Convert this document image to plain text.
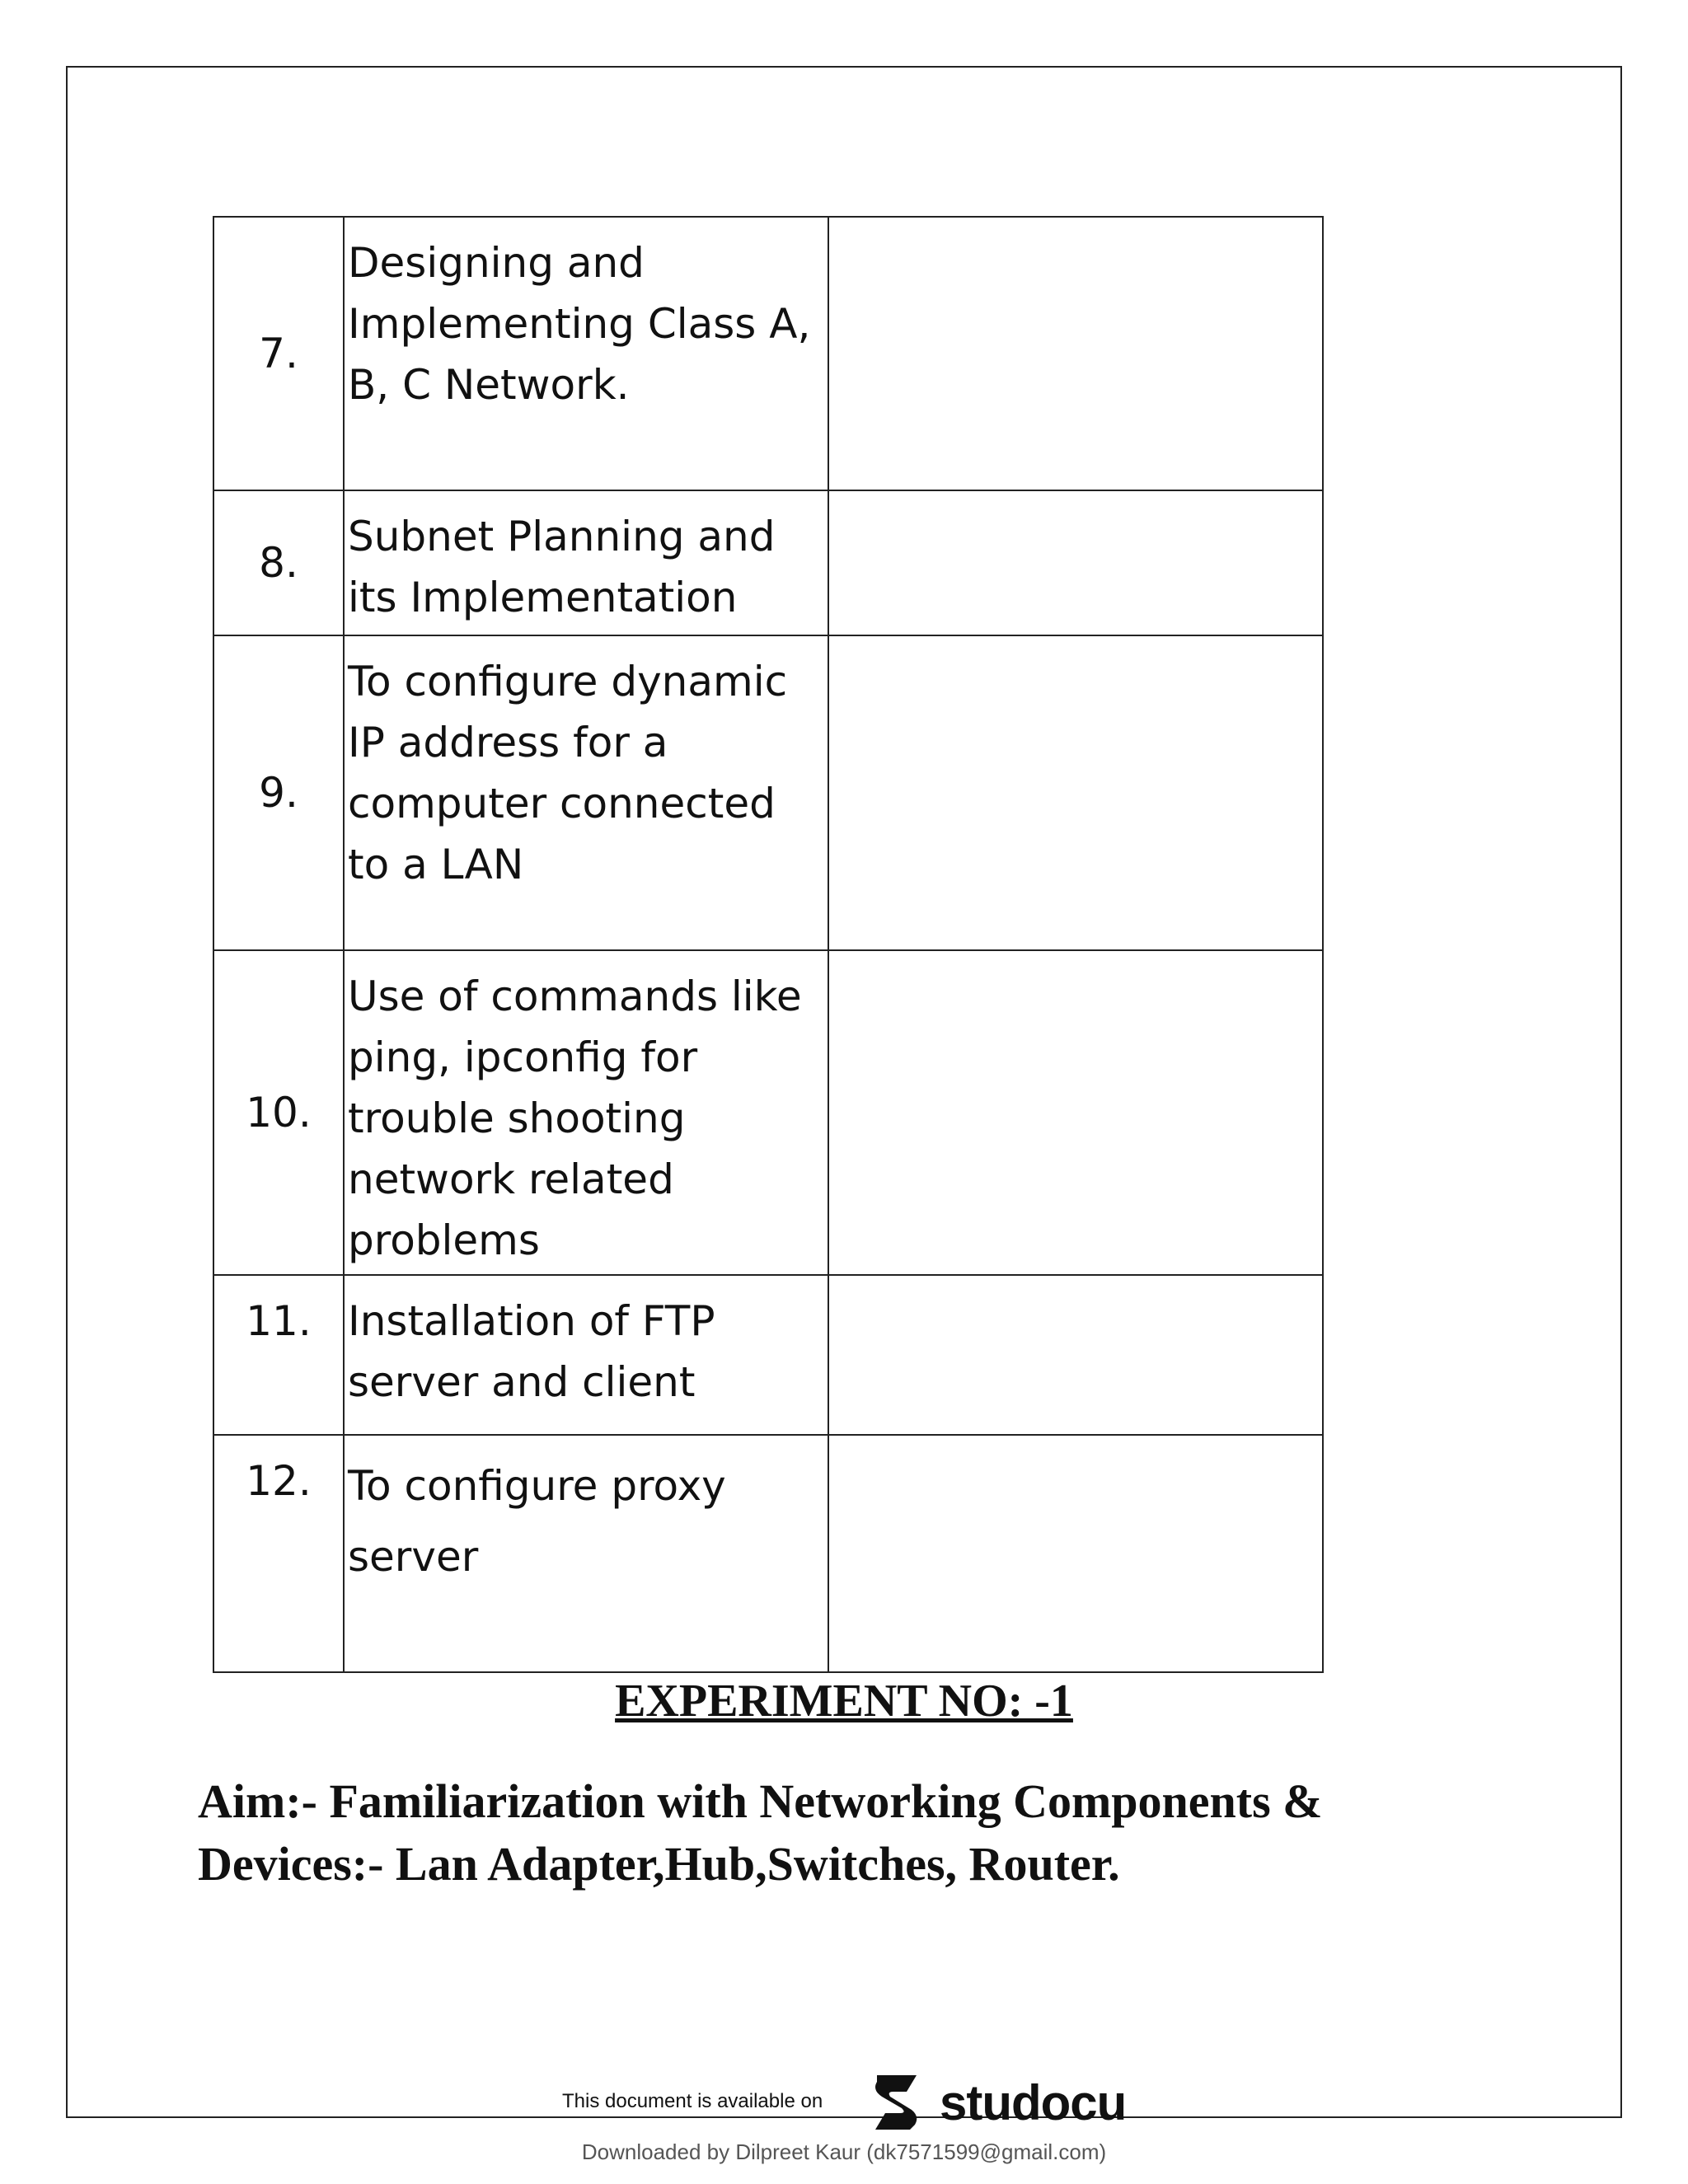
7.	Designing and Implementing Class A, B, C Network.	
8.	Subnet Planning and its Implementation	
9.	To configure dynamic IP address for a computer connected to a LAN	
10.	Use of commands like ping, ipconfig for trouble shooting network related problems	
11.	Installation of FTP server and client	
12.	To configure proxy server	
EXPERIMENT NO: -1
Aim:- Familiarization with Networking Components & Devices:- Lan Adapter,Hub,Switches, Router.
This document is available on studocu
Downloaded by Dilpreet Kaur (dk7571599@gmail.com)
